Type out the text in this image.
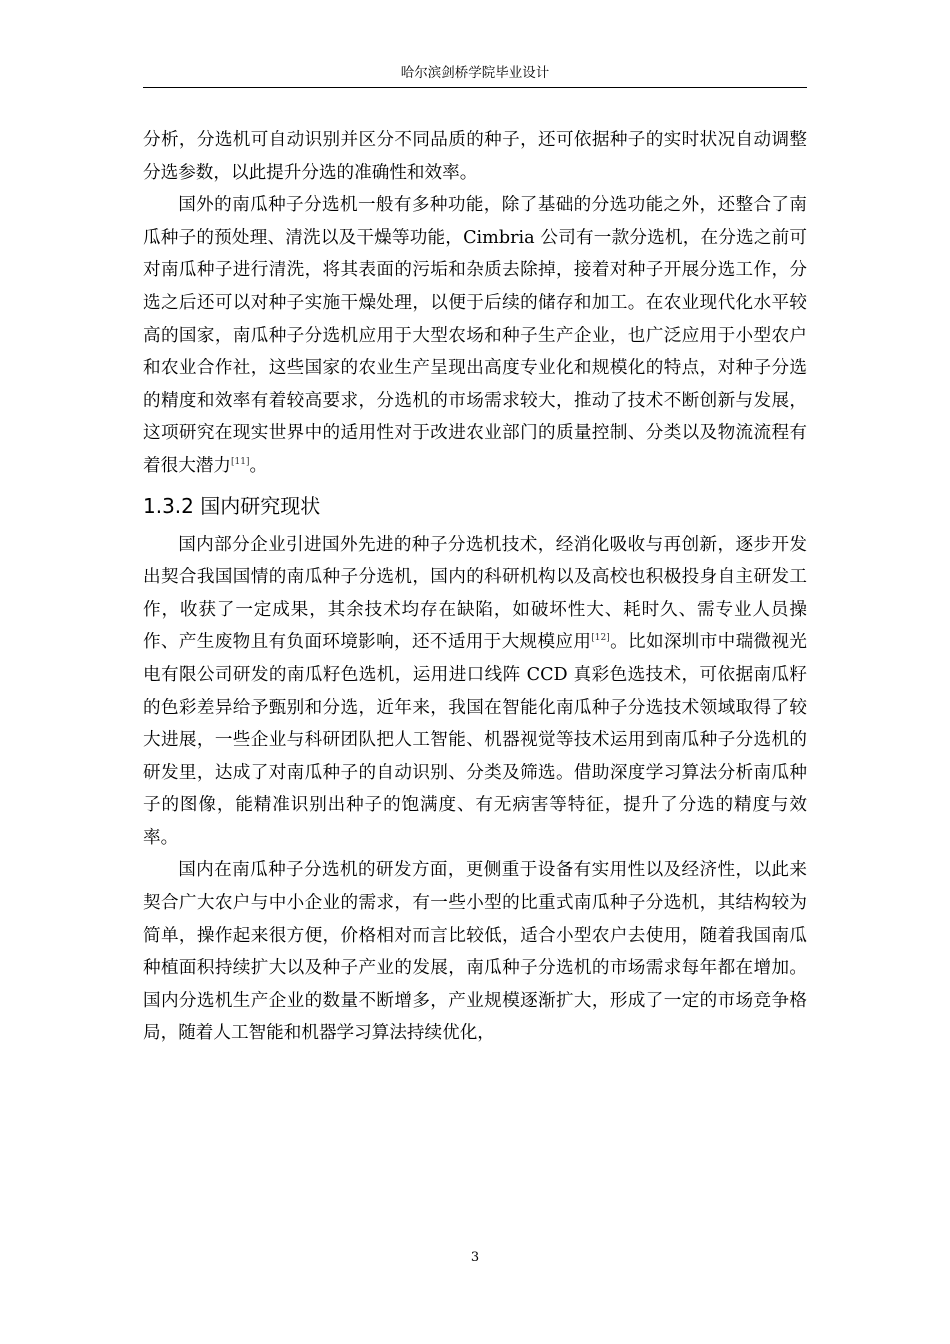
哈尔滨剑桥学院毕业设计

分析，分选机可自动识别并区分不同品质的种子，还可依据种子的实时状况自动调整分选参数，以此提升分选的准确性和效率。

国外的南瓜种子分选机一般有多种功能，除了基础的分选功能之外，还整合了南瓜种子的预处理、清洗以及干燥等功能，Cimbria 公司有一款分选机，在分选之前可对南瓜种子进行清洗，将其表面的污垢和杂质去除掉，接着对种子开展分选工作，分选之后还可以对种子实施干燥处理，以便于后续的储存和加工。在农业现代化水平较高的国家，南瓜种子分选机应用于大型农场和种子生产企业，也广泛应用于小型农户和农业合作社，这些国家的农业生产呈现出高度专业化和规模化的特点，对种子分选的精度和效率有着较高要求，分选机的市场需求较大，推动了技术不断创新与发展，这项研究在现实世界中的适用性对于改进农业部门的质量控制、分类以及物流流程有着很大潜力[11]。

1.3.2 国内研究现状

国内部分企业引进国外先进的种子分选机技术，经消化吸收与再创新，逐步开发出契合我国国情的南瓜种子分选机，国内的科研机构以及高校也积极投身自主研发工作，收获了一定成果，其余技术均存在缺陷，如破坏性大、耗时久、需专业人员操作、产生废物且有负面环境影响，还不适用于大规模应用[12]。比如深圳市中瑞微视光电有限公司研发的南瓜籽色选机，运用进口线阵 CCD 真彩色选技术，可依据南瓜籽的色彩差异给予甄别和分选，近年来，我国在智能化南瓜种子分选技术领域取得了较大进展，一些企业与科研团队把人工智能、机器视觉等技术运用到南瓜种子分选机的研发里，达成了对南瓜种子的自动识别、分类及筛选。借助深度学习算法分析南瓜种子的图像，能精准识别出种子的饱满度、有无病害等特征，提升了分选的精度与效率。

国内在南瓜种子分选机的研发方面，更侧重于设备有实用性以及经济性，以此来契合广大农户与中小企业的需求，有一些小型的比重式南瓜种子分选机，其结构较为简单，操作起来很方便，价格相对而言比较低，适合小型农户去使用，随着我国南瓜种植面积持续扩大以及种子产业的发展，南瓜种子分选机的市场需求每年都在增加。国内分选机生产企业的数量不断增多，产业规模逐渐扩大，形成了一定的市场竞争格局，随着人工智能和机器学习算法持续优化，

3
